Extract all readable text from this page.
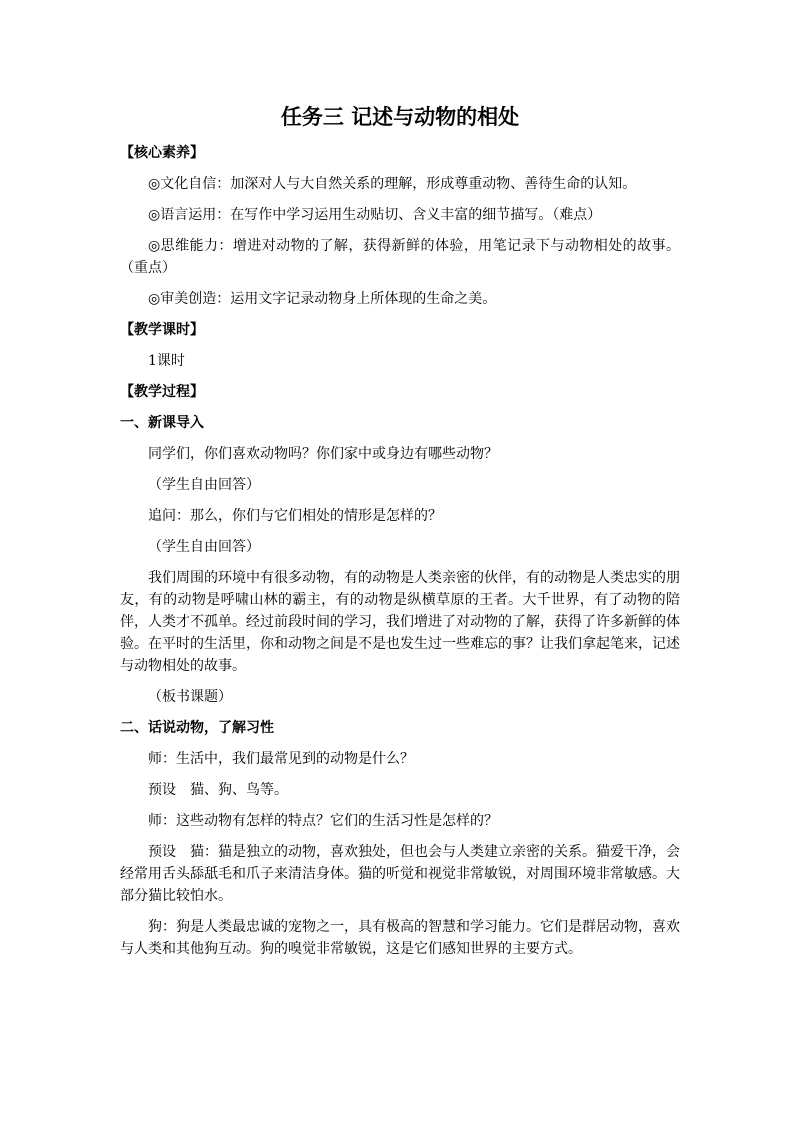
任务三 记述与动物的相处
【核心素养】

◎文化自信：加深对人与大自然关系的理解，形成尊重动物、善待生命的认知。

◎语言运用：在写作中学习运用生动贴切、含义丰富的细节描写。（难点）

◎思维能力：增进对动物的了解，获得新鲜的体验，用笔记录下与动物相处的故事。（重点）

◎审美创造：运用文字记录动物身上所体现的生命之美。

【教学课时】

1课时

【教学过程】
一、新课导入

同学们，你们喜欢动物吗？你们家中或身边有哪些动物？

（学生自由回答）

追问：那么，你们与它们相处的情形是怎样的？

（学生自由回答）

我们周围的环境中有很多动物，有的动物是人类亲密的伙伴，有的动物是人类忠实的朋友，有的动物是呼啸山林的霸主，有的动物是纵横草原的王者。大千世界，有了动物的陪伴，人类才不孤单。经过前段时间的学习，我们增进了对动物的了解，获得了许多新鲜的体验。在平时的生活里，你和动物之间是不是也发生过一些难忘的事？让我们拿起笔来，记述与动物相处的故事。

（板书课题）

二、话说动物，了解习性

师：生活中，我们最常见到的动物是什么？

预设　猫、狗、鸟等。

师：这些动物有怎样的特点？它们的生活习性是怎样的？

预设　猫：猫是独立的动物，喜欢独处，但也会与人类建立亲密的关系。猫爱干净，会经常用舌头舔舐毛和爪子来清洁身体。猫的听觉和视觉非常敏锐，对周围环境非常敏感。大部分猫比较怕水。

狗：狗是人类最忠诚的宠物之一，具有极高的智慧和学习能力。它们是群居动物，喜欢与人类和其他狗互动。狗的嗅觉非常敏锐，这是它们感知世界的主要方式。
